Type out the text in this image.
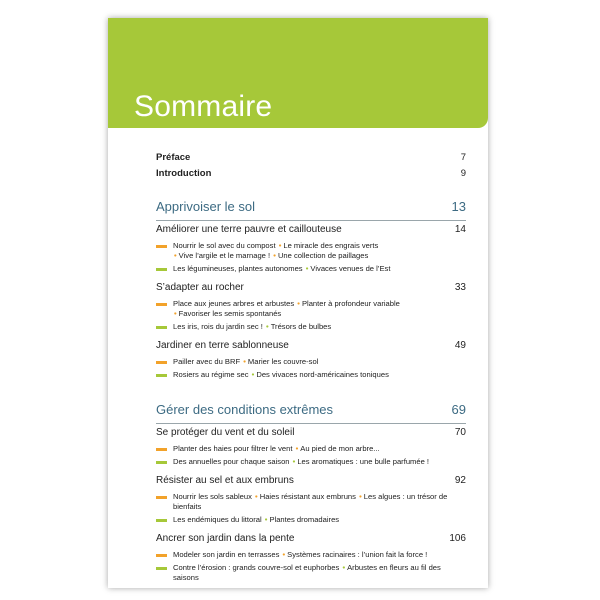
Sommaire
Préface	7
Introduction	9
Apprivoiser le sol	13
Améliorer une terre pauvre et caillouteuse	14
Nourrir le sol avec du compost • Le miracle des engrais verts
• Vive l’argile et le marnage ! • Une collection de paillages
Les légumineuses, plantes autonomes • Vivaces venues de l’Est
S’adapter au rocher	33
Place aux jeunes arbres et arbustes • Planter à profondeur variable
• Favoriser les semis spontanés
Les iris, rois du jardin sec ! • Trésors de bulbes
Jardiner en terre sablonneuse	49
Pailler avec du BRF • Marier les couvre-sol
Rosiers au régime sec • Des vivaces nord-américaines toniques
Gérer des conditions extrêmes	69
Se protéger du vent et du soleil	70
Planter des haies pour filtrer le vent • Au pied de mon arbre...
Des annuelles pour chaque saison • Les aromatiques : une bulle parfumée !
Résister au sel et aux embruns	92
Nourrir les sols sableux • Haies résistant aux embruns • Les algues : un trésor de bienfaits
Les endémiques du littoral • Plantes dromadaires
Ancrer son jardin dans la pente	106
Modeler son jardin en terrasses • Systèmes racinaires : l’union fait la force !
Contre l’érosion : grands couvre-sol et euphorbes • Arbustes en fleurs au fil des saisons
